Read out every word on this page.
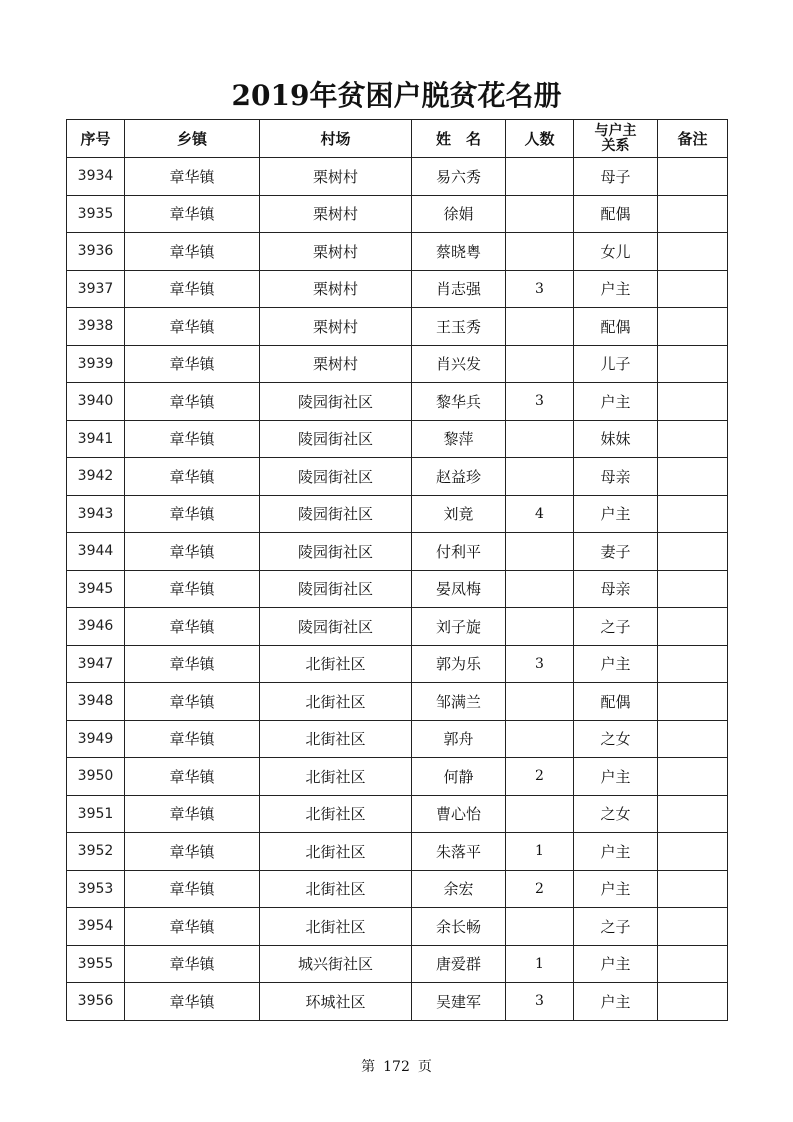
2019年贫困户脱贫花名册
序号	乡镇	村场	姓　名	人数	与户主关系	备注
3934	章华镇	栗树村	易六秀		母子	
3935	章华镇	栗树村	徐娟		配偶	
3936	章华镇	栗树村	蔡晓粤		女儿	
3937	章华镇	栗树村	肖志强	3	户主	
3938	章华镇	栗树村	王玉秀		配偶	
3939	章华镇	栗树村	肖兴发		儿子	
3940	章华镇	陵园街社区	黎华兵	3	户主	
3941	章华镇	陵园街社区	黎萍		妹妹	
3942	章华镇	陵园街社区	赵益珍		母亲	
3943	章华镇	陵园街社区	刘竟	4	户主	
3944	章华镇	陵园街社区	付利平		妻子	
3945	章华镇	陵园街社区	晏凤梅		母亲	
3946	章华镇	陵园街社区	刘子旋		之子	
3947	章华镇	北街社区	郭为乐	3	户主	
3948	章华镇	北街社区	邹满兰		配偶	
3949	章华镇	北街社区	郭舟		之女	
3950	章华镇	北街社区	何静	2	户主	
3951	章华镇	北街社区	曹心怡		之女	
3952	章华镇	北街社区	朱落平	1	户主	
3953	章华镇	北街社区	余宏	2	户主	
3954	章华镇	北街社区	余长畅		之子	
3955	章华镇	城兴街社区	唐爱群	1	户主	
3956	章华镇	环城社区	吴建军	3	户主	
第 172 页
